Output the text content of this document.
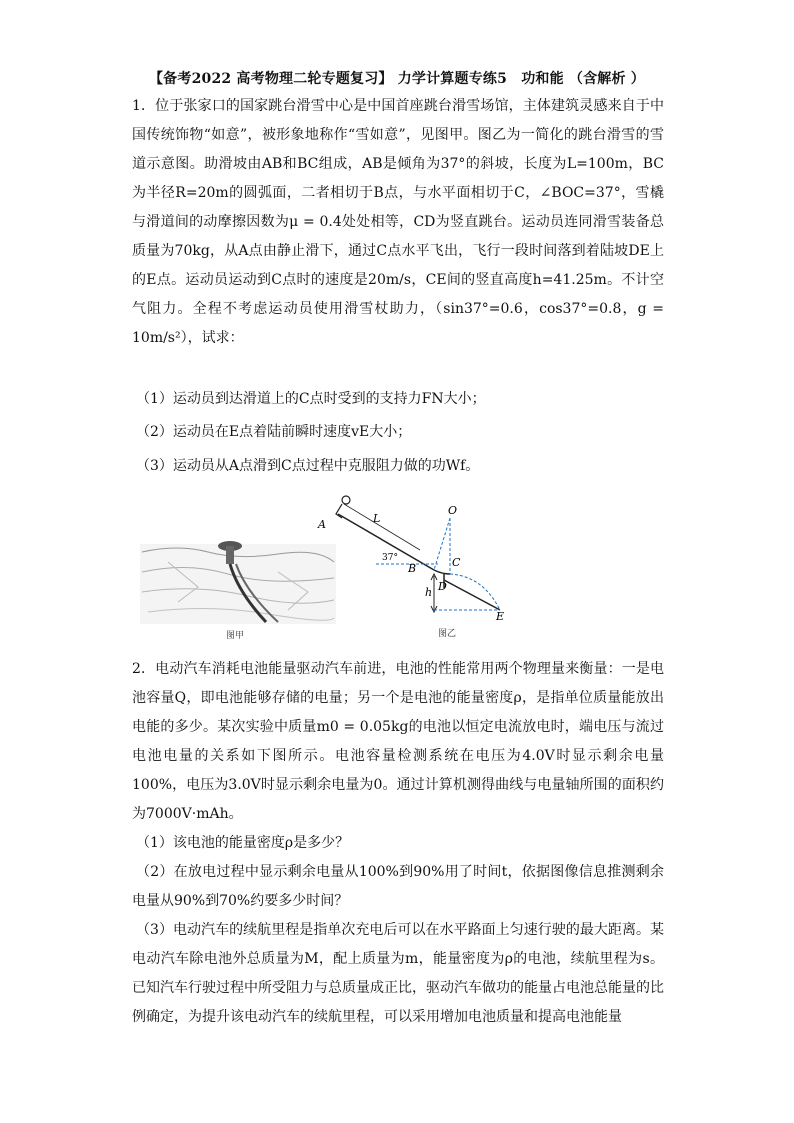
【备考2022 高考物理二轮专题复习】 力学计算题专练5　功和能 （含解析 ）

1．位于张家口的国家跳台滑雪中心是中国首座跳台滑雪场馆，主体建筑灵感来自于中国传统饰物“如意”，被形象地称作“雪如意”，见图甲。图乙为一简化的跳台滑雪的雪道示意图。助滑坡由AB和BC组成，AB是倾角为37°的斜坡，长度为L=100m，BC为半径R=20m的圆弧面，二者相切于B点，与水平面相切于C，∠BOC=37°，雪橇与滑道间的动摩擦因数为μ = 0.4处处相等，CD为竖直跳台。运动员连同滑雪装备总质量为70kg，从A点由静止滑下，通过C点水平飞出，飞行一段时间落到着陆坡DE上的E点。运动员运动到C点时的速度是20m/s，CE间的竖直高度h=41.25m。不计空气阻力。全程不考虑运动员使用滑雪杖助力，（sin37°=0.6，cos37°=0.8，g = 10m/s²），试求：

（1）运动员到达滑道上的C点时受到的支持力FN大小；
（2）运动员在E点着陆前瞬时速度vE大小；
（3）运动员从A点滑到C点过程中克服阻力做的功Wf。
图甲
A	L
O
37°
B	C
D
h
E
图乙

2．电动汽车消耗电池能量驱动汽车前进，电池的性能常用两个物理量来衡量：一是电池容量Q，即电池能够存储的电量；另一个是电池的能量密度ρ，是指单位质量能放出电能的多少。某次实验中质量m0 = 0.05kg的电池以恒定电流放电时，端电压与流过电池电量的关系如下图所示。电池容量检测系统在电压为4.0V时显示剩余电量100%，电压为3.0V时显示剩余电量为0。通过计算机测得曲线与电量轴所围的面积约为7000V·mAh。

（1）该电池的能量密度ρ是多少？

（2）在放电过程中显示剩余电量从100%到90%用了时间t，依据图像信息推测剩余电量从90%到70%约要多少时间？

（3）电动汽车的续航里程是指单次充电后可以在水平路面上匀速行驶的最大距离。某电动汽车除电池外总质量为M，配上质量为m，能量密度为ρ的电池，续航里程为s。已知汽车行驶过程中所受阻力与总质量成正比，驱动汽车做功的能量占电池总能量的比例确定，为提升该电动汽车的续航里程，可以采用增加电池质量和提高电池能量
